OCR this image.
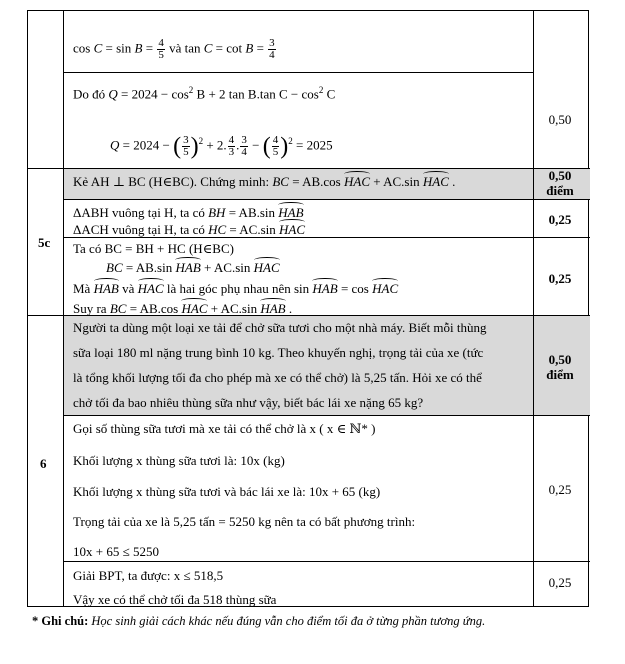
5c
6
$\cos C = \sin B = \frac{4}{5}$ và $\tan C = \cot B = \frac{3}{4}$
Do đó $Q = 2024 - \cos^2 B + 2$ tan B.tan $C - \cos^2 C$
Q = 2024 − ( $\frac{3}{5} )^2 + 2$. $\frac{4}{3}$ . $\frac{3}{4}$ − ( $\frac{4}{5} )^2 = 2025$
0,50
Kẻ AH ⊥ BC (H∈BC). Chứng minh: BC = AB.cos HAC + AC.sin HAC .	0,50
điểm
ΔABH vuông tại H, ta có BH = AB.sin HAB
ΔACH vuông tại H, ta có HC = AC.sin HAC
0,25
Ta có BC = BH + HC (H∈BC)
BC = AB.sin HAB + AC.sin HAC
Mà HAB và HAC là hai góc phụ nhau nên sin HAB = cos HAC
Suy ra BC = AB.cos HAC + AC.sin HAB .
0,25
Người ta dùng một loại xe tải để chở sữa tươi cho một nhà máy. Biết mỗi thùng
sữa loại 180 ml nặng trung bình 10 kg. Theo khuyến nghị, trọng tải của xe (tức
là tổng khối lượng tối đa cho phép mà xe có thể chở) là 5,25 tấn. Hỏi xe có thể
chở tối đa bao nhiêu thùng sữa như vậy, biết bác lái xe nặng 65 kg?
0,50
điểm
Gọi số thùng sữa tươi mà xe tải có thể chở là x ( x ∈ ℕ* )
Khối lượng x thùng sữa tươi là: 10x (kg)
Khối lượng x thùng sữa tươi và bác lái xe là: 10x + 65 (kg)
Trọng tải của xe là 5,25 tấn = 5250 kg nên ta có bất phương trình:
10x + 65 ≤ 5250
0,25
Giải BPT, ta được: x ≤ 518,5
Vậy xe có thể chở tối đa 518 thùng sữa
0,25
* Ghi chú: Học sinh giải cách khác nếu đúng vẫn cho điểm tối đa ở từng phần tương ứng.
